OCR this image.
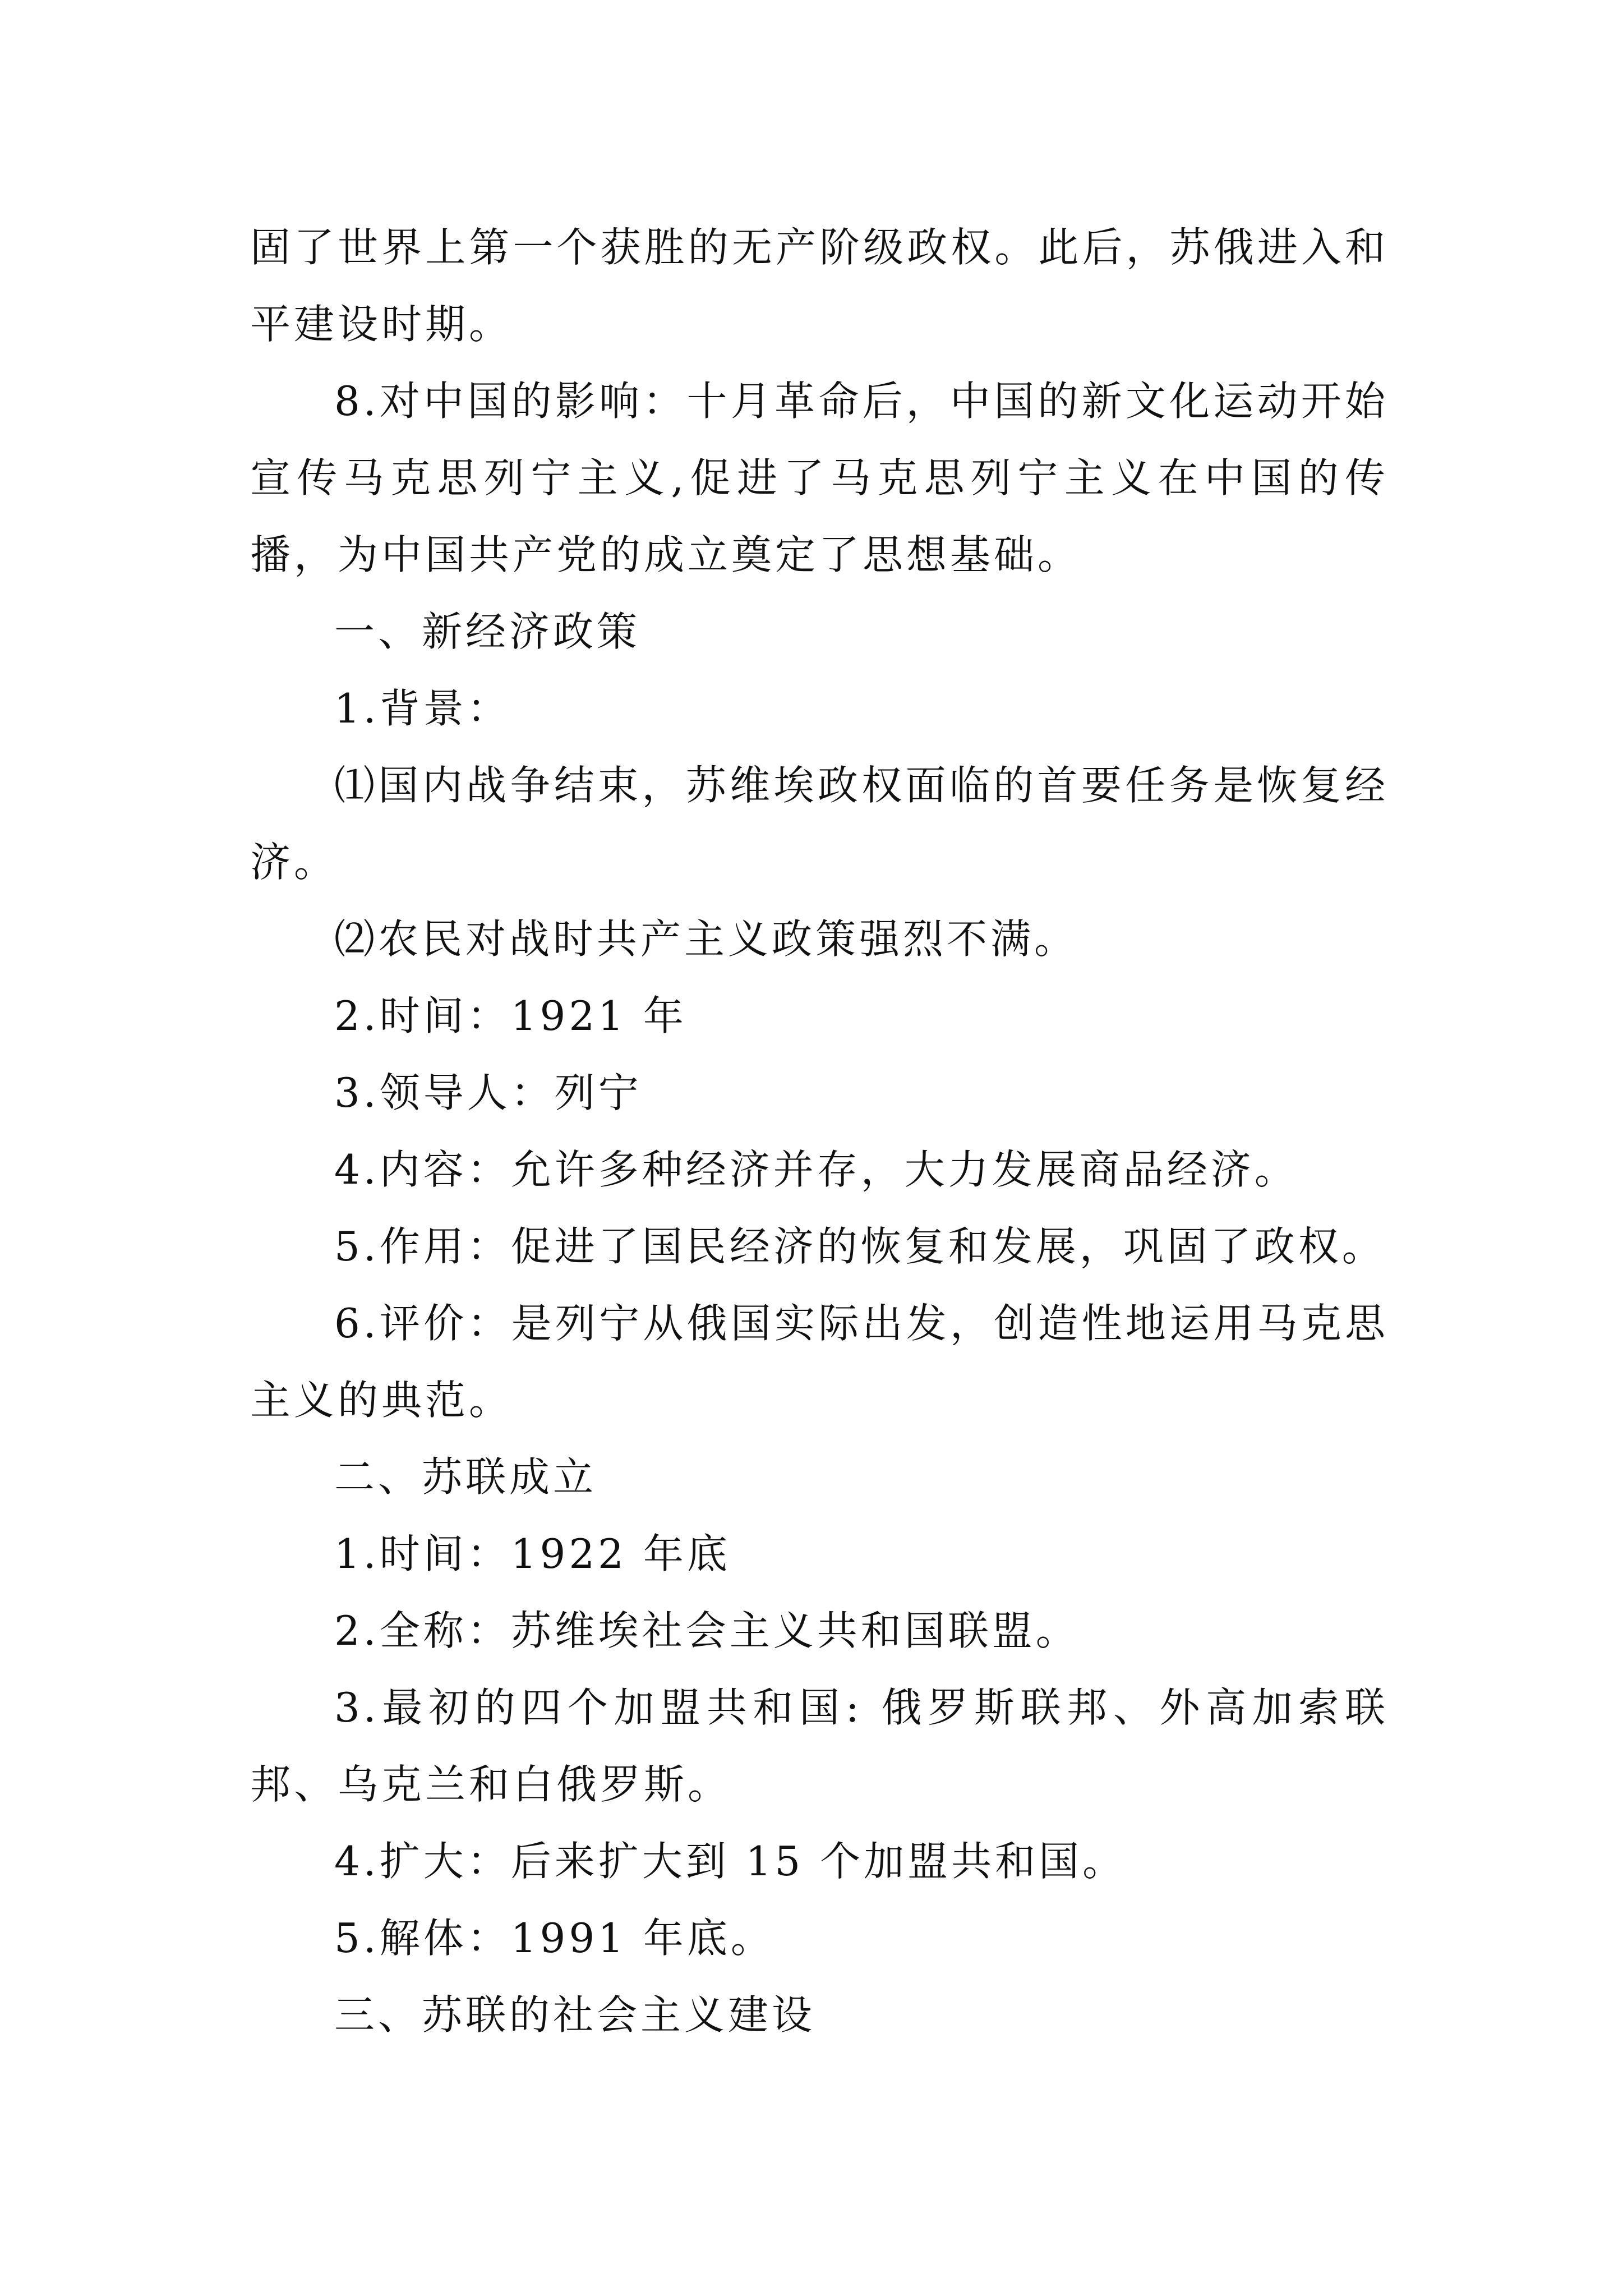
固了世界上第一个获胜的无产阶级政权。此后，苏俄进入和平建设时期。

8.对中国的影响：十月革命后，中国的新文化运动开始宣传马克思列宁主义,促进了马克思列宁主义在中国的传播，为中国共产党的成立奠定了思想基础。

一、新经济政策

1.背景：

⑴国内战争结束，苏维埃政权面临的首要任务是恢复经济。

⑵农民对战时共产主义政策强烈不满。

2.时间：1921 年

3.领导人：列宁

4.内容：允许多种经济并存，大力发展商品经济。

5.作用：促进了国民经济的恢复和发展，巩固了政权。

6.评价：是列宁从俄国实际出发，创造性地运用马克思主义的典范。

二、苏联成立

1.时间：1922 年底

2.全称：苏维埃社会主义共和国联盟。

3.最初的四个加盟共和国: 俄罗斯联邦、外高加索联邦、乌克兰和白俄罗斯。

4.扩大：后来扩大到 15 个加盟共和国。

5.解体：1991 年底。

三、苏联的社会主义建设
